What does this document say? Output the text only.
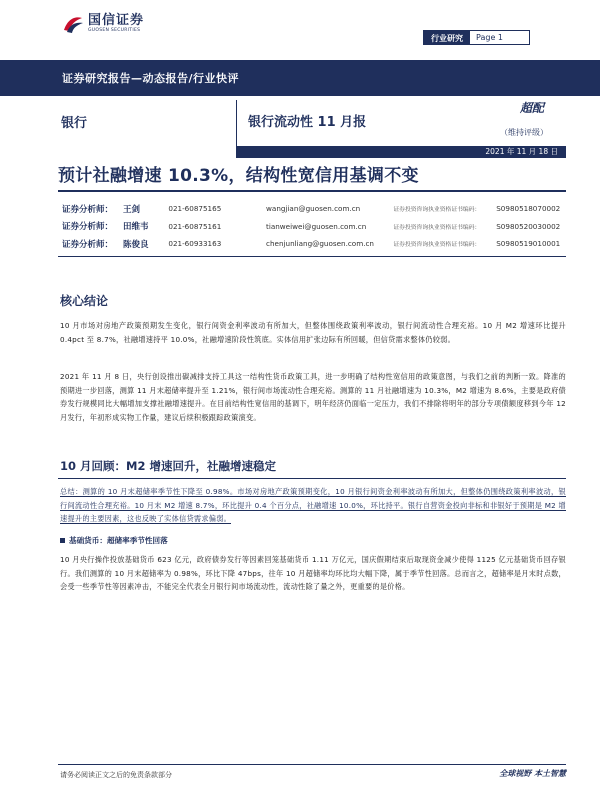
国信证券
GUOSEN SECURITIES
行业研究	Page 1
证券研究报告—动态报告/行业快评
银行	银行流动性 11 月报
超配
（维持评级）
2021 年 11 月 18 日
预计社融增速 10.3%，结构性宽信用基调不变
证券分析师：	王剑	021-60875165	wangjian@guosen.com.cn	证券投资咨询执业资格证书编码：	S0980518070002
证券分析师：	田维韦	021-60875161	tianweiwei@guosen.com.cn	证券投资咨询执业资格证书编码：	S0980520030002
证券分析师：	陈俊良	021-60933163	chenjunliang@guosen.com.cn	证券投资咨询执业资格证书编码：	S0980519010001
核心结论
10 月市场对房地产政策预期发生变化，银行间资金利率波动有所加大，但整体围绕政策利率波动，银行间流动性合理充裕。10 月 M2 增速环比提升 0.4pct 至 8.7%，社融增速持平 10.0%，社融增速阶段性筑底。实体信用扩张边际有所回暖，但信贷需求整体仍较弱。
2021 年 11 月 8 日，央行创设推出碳减排支持工具这一结构性货币政策工具，进一步明确了结构性宽信用的政策意图，与我们之前的判断一致。降准的预期进一步回落，测算 11 月末超储率提升至 1.21%，银行间市场流动性合理充裕。测算的 11 月社融增速为 10.3%，M2 增速为 8.6%，主要是政府债券发行规模同比大幅增加支撑社融增速提升。在目前结构性宽信用的基调下，明年经济仍面临一定压力，我们不排除将明年的部分专项债额度移到今年 12 月发行，年初形成实物工作量，建议后续积极跟踪政策演变。
10 月回顾：M2 增速回升，社融增速稳定
总结：测算的 10 月末超储率季节性下降至 0.98%。市场对房地产政策预期变化，10 月银行间资金利率波动有所加大，但整体仍围绕政策利率波动，银行间流动性合理充裕。10 月末 M2 增速 8.7%，环比提升 0.4 个百分点，社融增速 10.0%，环比持平。银行自营资金投向非标和非银好于预期是 M2 增速提升的主要因素，这也反映了实体信贷需求偏弱。
基础货币：超储率季节性回落
10 月央行操作投放基础货币 623 亿元，政府债券发行等因素回笼基础货币 1.11 万亿元，国庆假期结束后取现资金减少使得 1125 亿元基础货币回存银行。我们测算的 10 月末超储率为 0.98%，环比下降 47bps，往年 10 月超储率均环比均大幅下降，属于季节性回落。总而言之，超储率是月末时点数，会受一些季节性等因素冲击，不能完全代表全月银行间市场流动性，流动性除了量之外，更重要的是价格。
请务必阅读正文之后的免责条款部分	全球视野 本土智慧
